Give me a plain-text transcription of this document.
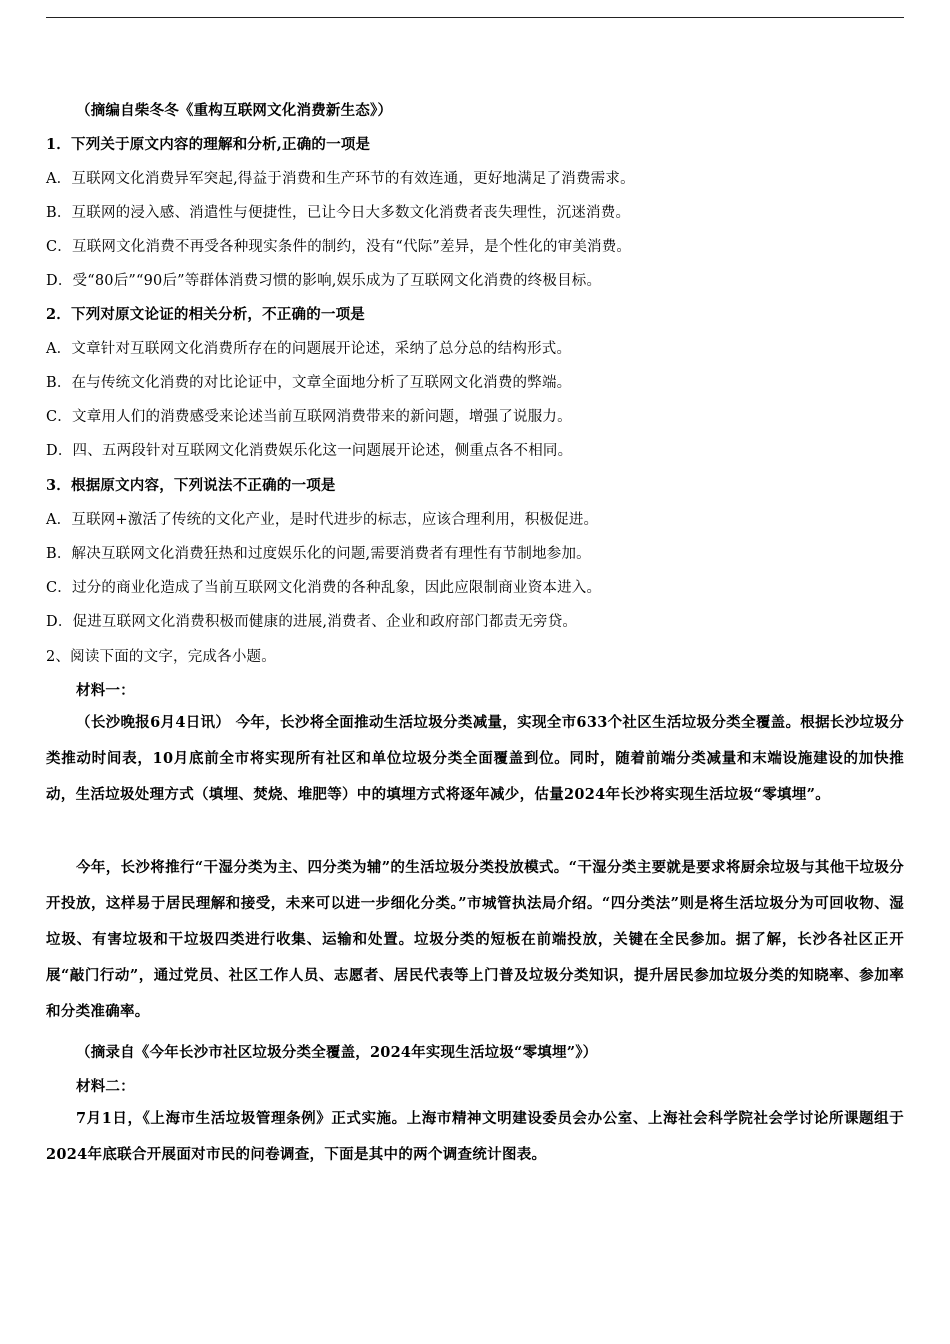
（摘编自柴冬冬《重构互联网文化消费新生态》）
1．下列关于原文内容的理解和分析,正确的一项是
A．互联网文化消费异军突起,得益于消费和生产环节的有效连通，更好地满足了消费需求。
B．互联网的浸入感、消遣性与便捷性，已让今日大多数文化消费者丧失理性，沉迷消费。
C．互联网文化消费不再受各种现实条件的制约，没有“代际”差异，是个性化的审美消费。
D．受“80后”“90后”等群体消费习惯的影响,娱乐成为了互联网文化消费的终极目标。
2．下列对原文论证的相关分析，不正确的一项是
A．文章针对互联网文化消费所存在的问题展开论述，采纳了总分总的结构形式。
B．在与传统文化消费的对比论证中，文章全面地分析了互联网文化消费的弊端。
C．文章用人们的消费感受来论述当前互联网消费带来的新问题，增强了说服力。
D．四、五两段针对互联网文化消费娱乐化这一问题展开论述，侧重点各不相同。
3．根据原文内容，下列说法不正确的一项是
A．互联网+激活了传统的文化产业，是时代进步的标志，应该合理利用，积极促进。
B．解决互联网文化消费狂热和过度娱乐化的问题,需要消费者有理性有节制地参加。
C．过分的商业化造成了当前互联网文化消费的各种乱象，因此应限制商业资本进入。
D．促进互联网文化消费积极而健康的进展,消费者、企业和政府部门都责无旁贷。
2、阅读下面的文字，完成各小题。
材料一：
（长沙晚报6月4日讯） 今年，长沙将全面推动生活垃圾分类减量，实现全市633个社区生活垃圾分类全覆盖。根据长沙垃圾分类推动时间表，10月底前全市将实现所有社区和单位垃圾分类全面覆盖到位。同时，随着前端分类减量和末端设施建设的加快推动，生活垃圾处理方式（填埋、焚烧、堆肥等）中的填埋方式将逐年减少，估量2024年长沙将实现生活垃圾“零填埋”。
今年，长沙将推行“干湿分类为主、四分类为辅”的生活垃圾分类投放模式。“干湿分类主要就是要求将厨余垃圾与其他干垃圾分开投放，这样易于居民理解和接受，未来可以进一步细化分类。”市城管执法局介绍。“四分类法”则是将生活垃圾分为可回收物、湿垃圾、有害垃圾和干垃圾四类进行收集、运输和处置。垃圾分类的短板在前端投放，关键在全民参加。据了解，长沙各社区正开展“敲门行动”，通过党员、社区工作人员、志愿者、居民代表等上门普及垃圾分类知识，提升居民参加垃圾分类的知晓率、参加率和分类准确率。
（摘录自《今年长沙市社区垃圾分类全覆盖，2024年实现生活垃圾“零填埋”》）
材料二：
7月1日，《上海市生活垃圾管理条例》正式实施。上海市精神文明建设委员会办公室、上海社会科学院社会学讨论所课题组于2024年底联合开展面对市民的问卷调查，下面是其中的两个调查统计图表。
